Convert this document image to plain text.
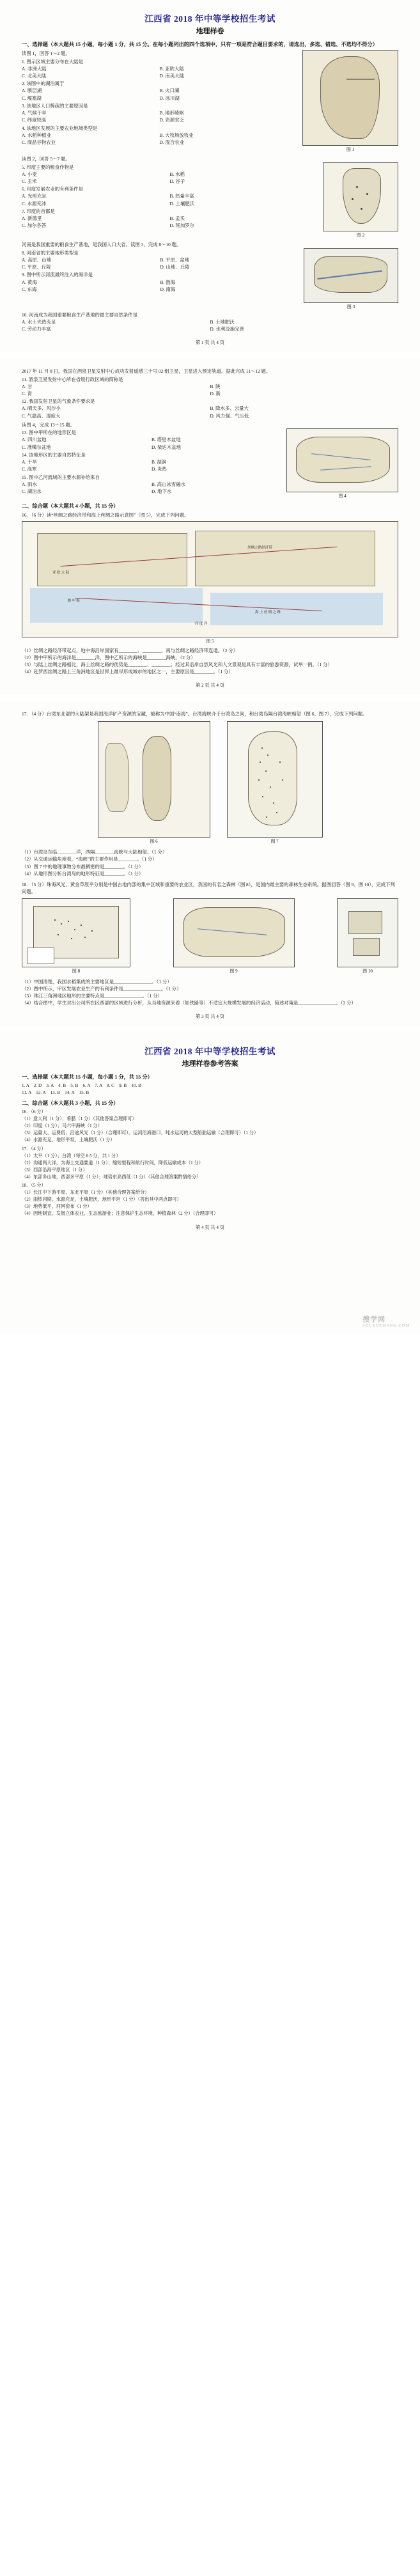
江西省 2018 年中等学校招生考试
地理样卷
一、选择题（本大题共 15 小题，每小题 1 分，共 15 分。在每小题列出的四个选项中，只有一项是符合题目要求的，请选出，多选、错选、不选均不得分）
读图 1，回答 1～2 题。
1. 图示区域主要分布在大陆是
A. 非洲大陆	B. 亚欧大陆
C. 北美大陆	D. 南美大陆
2. 该图中的湖泊属于
A. 断层湖	B. 火口湖
C. 堰塞湖	D. 冰川湖
3. 该地区人口稀疏的主要原因是
A. 气候干旱	B. 地形崎岖
C. 纬度较高	D. 资源贫乏
4. 该地区发展的主要农业地域类型是
A. 水稻种植业	B. 大牧场放牧业
C. 商品谷物农业	D. 混合农业
图 1
读图 2，回答 5～7 题。
5. 印度主要的粮食作物是
A. 小麦	B. 水稻
C. 玉米	D. 谷子
6. 印度发展农业的有利条件是
A. 光照充足	B. 热量丰富
C. 水源充沛	D. 土壤肥沃
7. 印度的首都是
A. 新德里	B. 孟买
C. 加尔各答	D. 班加罗尔
图 2
河南是我国重要的粮食生产基地，是我国人口大省。读图 3，完成 8～10 题。
8. 河南省的主要地形类型是
A. 高原、山地	B. 平原、盆地
C. 平原、丘陵	D. 山地、丘陵
9. 图中所示河流最终注入的海洋是
A. 黄海	B. 渤海
C. 东海	D. 南海
图 3
10. 河南成为我国重要粮食生产基地的最主要自然条件是
A. 水土光热充足	B. 土地肥沃
C. 劳动力丰富	D. 水利设施完善
第 1 页 共 4 页
2017 年 11 月 8 日，我国在酒泉卫星发射中心成功发射遥感三十号 02 组卫星，卫星进入预定轨道。据此完成 11～12 题。
11. 酒泉卫星发射中心所在省级行政区域的简称是
A. 甘	B. 陕
C. 青	D. 新
12. 我国发射卫星的气象条件要求是
A. 晴天多、风沙小	B. 降水多、云量大
C. 气温高、湿度大	D. 风力强、气压低
读图 4，完成 13～15 题。
13. 图中甲所在的地形区是
A. 四川盆地	B. 塔里木盆地
C. 准噶尔盆地	D. 柴达木盆地
14. 该地形区的主要自然特征是
A. 干旱	B. 湿润
C. 高寒	D. 炎热
15. 图中乙河流域的主要水源补给来自
A. 雨水	B. 高山冰雪融水
C. 湖泊水	D. 地下水
图 4
二、综合题（本大题共 4 小题，共 15 分）
16. （6 分）读“丝绸之路经济带和海上丝绸之路示意图”（图 5），完成下列问题。
亚 欧 大 陆
丝绸之路经济带
海 上 丝 绸 之 路
地 中 海
印 度 洋
图 5
（1）丝绸之路经济带起点，地中海沿岸国家有________、________，再与丝绸之路经济带连通。（2 分）
（2）图中甲所示的海洋是________洋，图中乙所示的海峡是________海峡。（2 分）
（3）与陆上丝绸之路相比，海上丝绸之路的优势是________、________；经过其沿岸自然风光和人文景观是具有丰富的旅游资源，试举一例。（1 分）
（4）赴罗西丝绸之路上三角洲地区是世界上最早形成城市的地区之一，主要原因是________。（1 分）
第 2 页 共 4 页
17. （4 分）台湾东北部的大陆架是我国海洋矿产资源的宝藏，被称为中国“南海”。台湾海峡介于台湾岛之间，和台湾岛隔台湾海峡相望（图 6、图 7），完成下列问题。
图 6	图 7
（1）台湾岛东临________洋，西隔________海峡与大陆相望。（1 分）
（2）从交通运输角度看，“海峡”的主要作用是________。（1 分）
（3）图 7 中的地理事物分布最稠密的是________。（1 分）
（4）从地形图分析台湾岛的地形特征是________。（1 分）
18. （5 分）珠海风光、黄金草原平分别是中国古地内部的集中区域和重要的农业区，我国的有名之森林（图 8），是国内最主要的森林生态系统。据图回答（图 9、图 10），完成下列问题。
图 8	图 9	图 10
（1）中国清楚，我国水稻集成的主要地区是________________。（1 分）
（2）图中所示，甲区发展农业生产的有利条件是________________。（1 分）
（3）珠江三角洲地区地形的主要特点是________________。（1 分）
（4）结合图中，学生对出公司所在区西部的区域进行分析，从当地资源来看（如铁路等）不适宜大规模发展的经济活动，简述对策是________________。（2 分）
第 3 页 共 4 页
江西省 2018 年中等学校招生考试
地理样卷参考答案
一、选择题（本大题共 15 小题，每小题 1 分，共 15 分）
1. A    2. D    3. A    4. B    5. B    6. A    7. A    8. C    9. B    10. B
11. A    12. A    13. B    14. A    15. B
二、综合题（本大题共 3 小题，共 15 分）
16. （6 分）
（1）意大利（1 分）；希腊（1 分）（其他答案合理即可）
（2）印度（1 分）；马六甲海峡（1 分）
（3）运量大、运费低；沿途风光（1 分）（合理即可）。运河沿海港口、吨水运河的大型船舶运输（合理即可）（1 分）
（4）水源充足、地形平坦、土壤肥沃（1 分）
17. （4 分）
（1）太平（1 分）；台湾（每空 0.5 分，共 1 分）
（2）沟通两大洋，为海上交通要道（1 分）；缩短里程和航行时间，降低运输成本（1 分）
（3）西部沿海平原地区（1 分）
（4）东部多山地，西部多平原（1 分）；地势东高西低（1 分）（其他合理答案酌情给分）
18. （5 分）
（1）长江中下游平原、东北平原（1 分）（其他合理答案给分）
（2）雨热同期，水源充足，土壤肥沃，地形平坦（1 分）（答出其中两点即可）
（3）地势低平，河网密布（1 分）
（4）因地制宜，发展立体农业、生态旅游业；注意保护生态环境，种植森林（2 分）（合理即可）
第 4 页 共 4 页
搜学网
SOUXUEWANG.COM
